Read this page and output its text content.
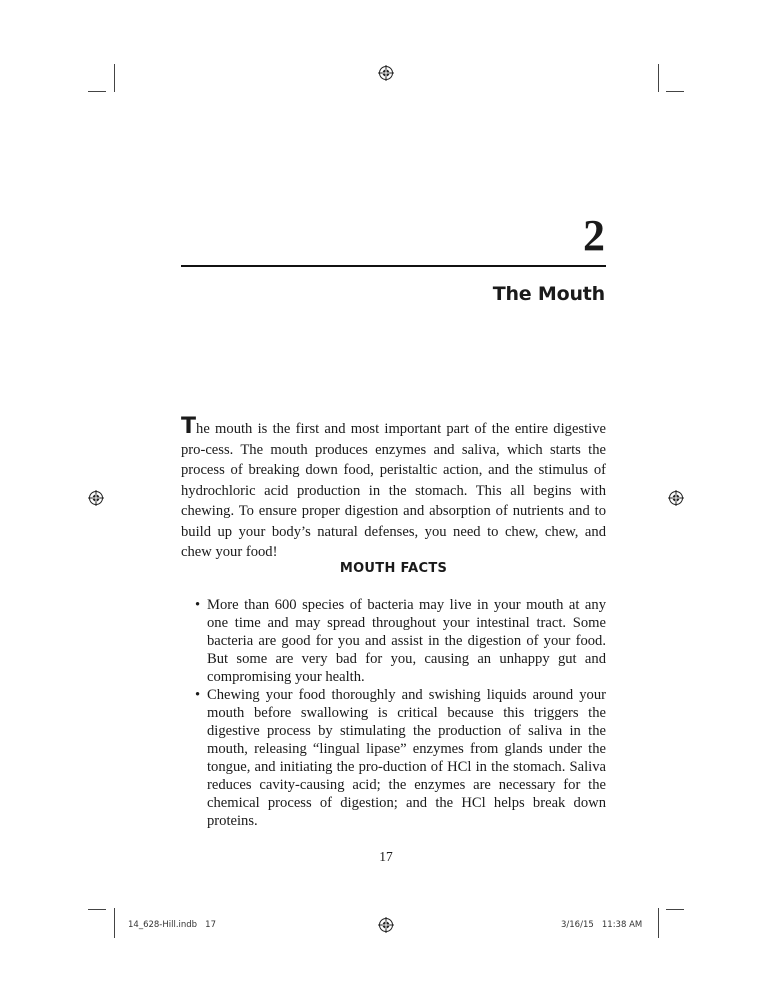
2
The Mouth

The mouth is the first and most important part of the entire digestive pro-cess. The mouth produces enzymes and saliva, which starts the process of breaking down food, peristaltic action, and the stimulus of hydrochloric acid production in the stomach. This all begins with chewing. To ensure proper digestion and absorption of nutrients and to build up your body’s natural defenses, you need to chew, chew, and chew your food!

MOUTH FACTS
• More than 600 species of bacteria may live in your mouth at any one time and may spread throughout your intestinal tract. Some bacteria are good for you and assist in the digestion of your food. But some are very bad for you, causing an unhappy gut and compromising your health.
• Chewing your food thoroughly and swishing liquids around your mouth before swallowing is critical because this triggers the digestive process by stimulating the production of saliva in the mouth, releasing “lingual lipase” enzymes from glands under the tongue, and initiating the pro-duction of HCl in the stomach. Saliva reduces cavity-causing acid; the enzymes are necessary for the chemical process of digestion; and the HCl helps break down proteins.
17
14_628-Hill.indb   17	3/16/15   11:38 AM
